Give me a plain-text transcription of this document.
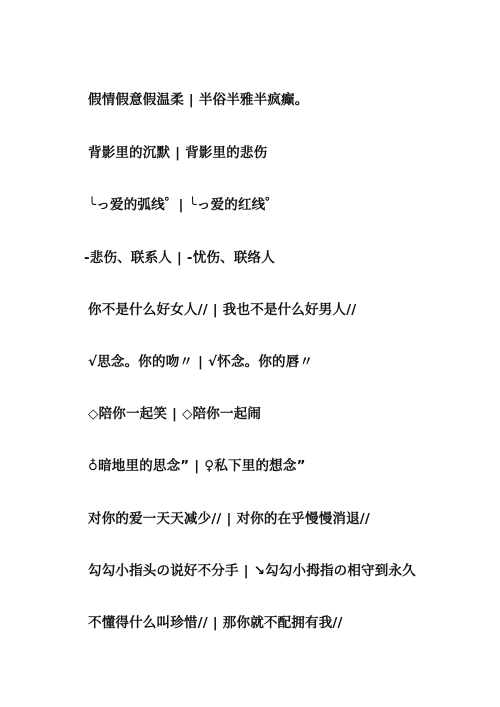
假情假意假温柔 | 半俗半雅半疯癫。
背影里的沉默 | 背影里的悲伤
╰っ爱的弧线゜| ╰っ爱的红线゜
-悲伤、联系人 | -忧伤、联络人
你不是什么好女人// | 我也不是什么好男人//
√思念。你的吻〃 | √怀念。你的唇〃
◇陪你一起笑 | ◇陪你一起闹
♁暗地里的思念” | ♀私下里的想念”
对你的爱一天天减少// | 对你的在乎慢慢消退//
勾勾小指头の说好不分手 | ↘勾勾小拇指の相守到永久
不懂得什么叫珍惜// | 那你就不配拥有我//
